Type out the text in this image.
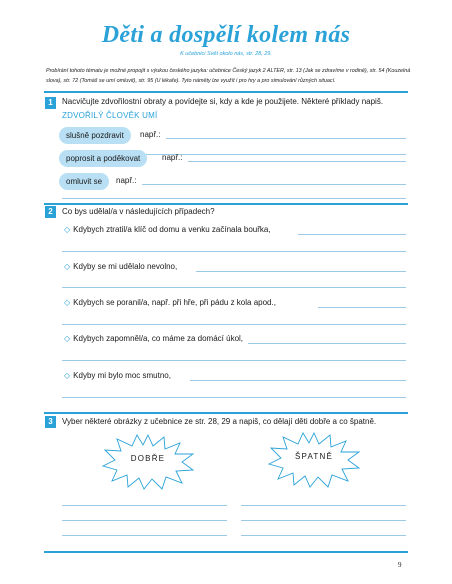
Děti a dospělí kolem nás
K učebnici Svět okolo nás, str. 28, 29.
Probírání tohoto tématu je možné propojit s výukou českého jazyka: učebnice Český jazyk 2 ALTER, str. 13 (Jak se zdravíme v rodině), str. 54 (Kouzelná slova), str. 72 (Tomáš se umí omluvit), str. 95 (U lékaře). Tyto náměty lze využít i pro hry a pro simulování různých situací.
1	Nacvičujte zdvořilostní obraty a povídejte si, kdy a kde je použijete. Některé příklady napiš.
ZDVOŘILÝ ČLOVĚK UMÍ
slušně pozdravit	např.:
poprosit a poděkovat	např.:
omluvit se	např.:
2	Co bys udělal/a v následujících případech?
◇ Kdybych ztratil/a klíč od domu a venku začínala bouřka,
◇ Kdyby se mi udělalo nevolno,
◇ Kdybych se poranil/a, např. při hře, při pádu z kola apod.,
◇ Kdybych zapomněl/a, co máme za domácí úkol,
◇ Kdyby mi bylo moc smutno,
3	Vyber některé obrázky z učebnice ze str. 28, 29 a napiš, co dělají děti dobře a co špatně.
DOBŘE	ŠPATNĚ
9
